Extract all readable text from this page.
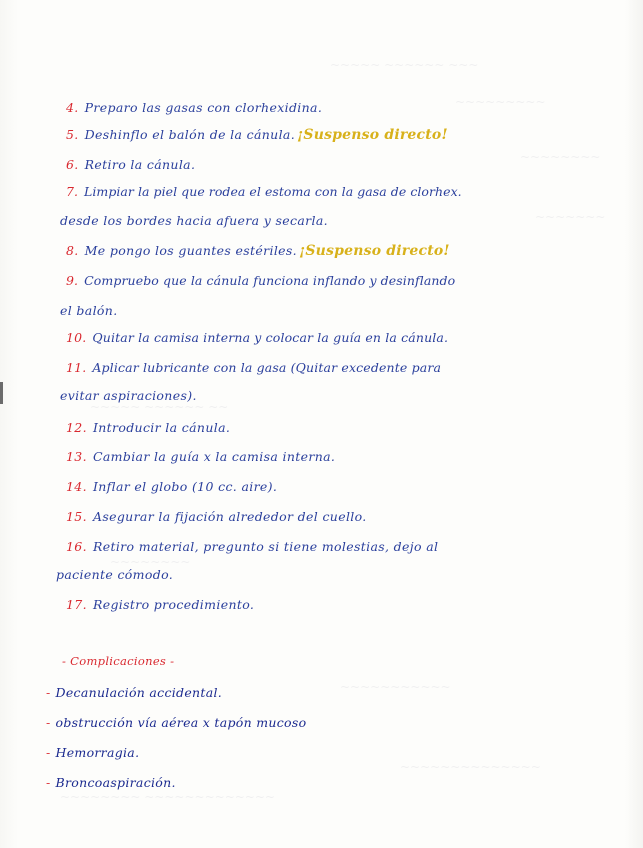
~~~~~ ~~~~~~ ~~~
~~~~~~~~~
~~~~~~~~
~~~~~~~
~~~~~ ~~~~~~ ~~
~~~~~~~~
~~~~~~~~~~~
~~~~~~~~~~~~~~
~~~~~~~~ ~~~~~~~~~~~~~
4. Preparo las gasas con clorhexidina.
5. Deshinflo el balón de la cánula. ¡Suspenso directo!
6. Retiro la cánula.
7. Limpiar la piel que rodea el estoma con la gasa de clorhex.
desde los bordes hacia afuera y secarla.
8. Me pongo los guantes estériles. ¡Suspenso directo!
9. Compruebo que la cánula funciona inflando y desinflando
el balón.
10. Quitar la camisa interna y colocar la guía en la cánula.
11. Aplicar lubricante con la gasa (Quitar excedente para
evitar aspiraciones).
12. Introducir la cánula.
13. Cambiar la guía x la camisa interna.
14. Inflar el globo (10 cc. aire).
15. Asegurar la fijación alrededor del cuello.
16. Retiro material, pregunto si tiene molestias, dejo al
paciente cómodo.
17. Registro procedimiento.
- Complicaciones -
- Decanulación accidental.
- obstrucción vía aérea x tapón mucoso
- Hemorragia.
- Broncoaspiración.
